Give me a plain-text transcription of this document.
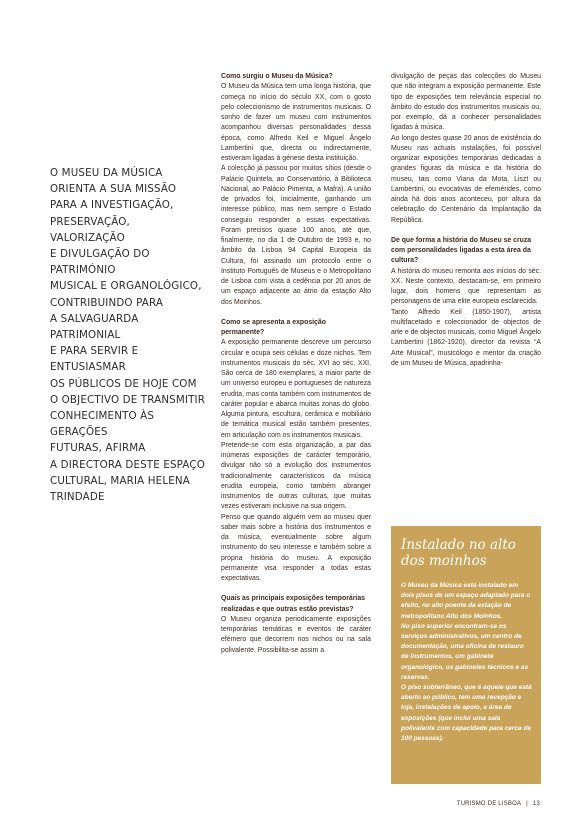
O MUSEU DA MÚSICA
ORIENTA A SUA MISSÃO
PARA A INVESTIGAÇÃO,
PRESERVAÇÃO, VALORIZAÇÃO
E DIVULGAÇÃO DO PATRIMÓNIO
MUSICAL E ORGANOLÓGICO,
CONTRIBUINDO PARA
A SALVAGUARDA PATRIMONIAL
E PARA SERVIR E ENTUSIASMAR
OS PÚBLICOS DE HOJE COM
O OBJECTIVO DE TRANSMITIR
CONHECIMENTO ÀS GERAÇÕES
FUTURAS, AFIRMA
A DIRECTORA DESTE ESPAÇO
CULTURAL, MARIA HELENA
TRINDADE

Como surgiu o Museu da Música?

O Museu da Música tem uma longa história, que começa no início do século XX, com o gosto pelo coleccionismo de instrumentos musicais. O sonho de fazer um museu com instrumentos acompanhou diversas personalidades dessa época, como Alfredo Keil e Miguel Ângelo Lambertini que, directa ou indirectamente, estiveram ligadas à génese desta instituição.

A colecção já passou por muitos sítios (desde o Palácio Quintela, ao Conservatório, à Biblioteca Nacional, ao Palácio Pimenta, a Mafra). A união de privados foi, inicialmente, ganhando um interesse público, mas nem sempre o Estado conseguiu responder a essas expectativas. Foram precisos quase 100 anos, até que, finalmente, no dia 1 de Outubro de 1993 e, no âmbito da Lisboa 94 Capital Europeia da Cultura, foi assinado um protocolo entre o Instituto Português de Museus e o Metropolitano de Lisboa com vista à cedência por 20 anos de um espaço adjacente ao átrio da estação Alto dos Moinhos.

Como se apresenta a exposição permanente?

A exposição permanente descreve um percurso circular e ocupa seis células e doze nichos. Tem instrumentos musicais do séc. XVI ao séc. XXI. São cerca de 180 exemplares, a maior parte de um universo europeu e portugueses de natureza erudita, mas conta também com instrumentos de caráter popular e abarca muitas zonas do globo. Alguma pintura, escultura, cerâmica e mobiliário de temática musical estão também presentes, em articulação com os instrumentos musicais.

Pretende-se com esta organização, a par das inúmeras exposições de carácter temporário, divulgar não só a evolução dos instrumentos tradicionalmente característicos da música erudita europeia, como também abranger instrumentos de outras culturas, que muitas vezes estiveram inclusive na sua origem.

Penso que quando alguém vem ao museu quer saber mais sobre a história dos instrumentos e da música, eventualmente sobre algum instrumento do seu interesse e também sobre a própria história do museu. A exposição permanente visa responder a todas estas expectativas.

Quais as principais exposições temporárias realizadas e que outras estão previstas?

O Museu organiza periodicamente exposições temporárias temáticas e eventos de caráter efémero que decorrem nos nichos ou na sala polivalente. Possibilita-se assim a

divulgação de peças das colecções do Museu que não integram a exposição permanente. Este tipo de exposições tem relevância especial no âmbito do estudo dos instrumentos musicais ou, por exemplo, dá a conhecer personalidades ligadas à música.

Ao longo destes quase 20 anos de existência do Museu nas actuais instalações, foi possível organizar exposições temporárias dedicadas a grandes figuras da música e da história do museu, tais como Viana da Mota, Liszt ou Lambertini, ou evocativas de efemérides, como ainda há dois anos aconteceu, por altura da celebração do Centenário da Implantação da República.

De que forma a história do Museu se cruza com personalidades ligadas a esta área da cultura?

A história do museu remonta aos inícios do séc. XX. Neste contexto, destacam-se, em primeiro lugar, dois homens que representam as personagens de uma elite europeia esclarecida.

Tanto Alfredo Keil (1850-1907), artista multifacetado e coleccionador de objectos de arte e de objectos musicais, como Miguel Ângelo Lambertini (1862-1920), director da revista “A Arte Musical”, musicólogo e mentor da criação de um Museu de Música, apadrinha-

Instalado no alto dos moinhos

O Museu da Música está instalado em dois pisos de um espaço adaptado para o efeito, no alto poente da estação de metropolitano Alto dos Moinhos.

No piso superior encontram-se os serviços administrativos, um centro de documentação, uma oficina de restauro de instrumentos, um gabinete organológico, os gabinetes técnicos e as reservas.

O piso subterrâneo, que é aquele que está aberto ao público, tem uma recepção e loja, instalações de apoio, e área de exposições (que inclui uma sala polivalente com capacidade para cerca de 100 pessoas).

TURISMO DE LISBOA | 13
